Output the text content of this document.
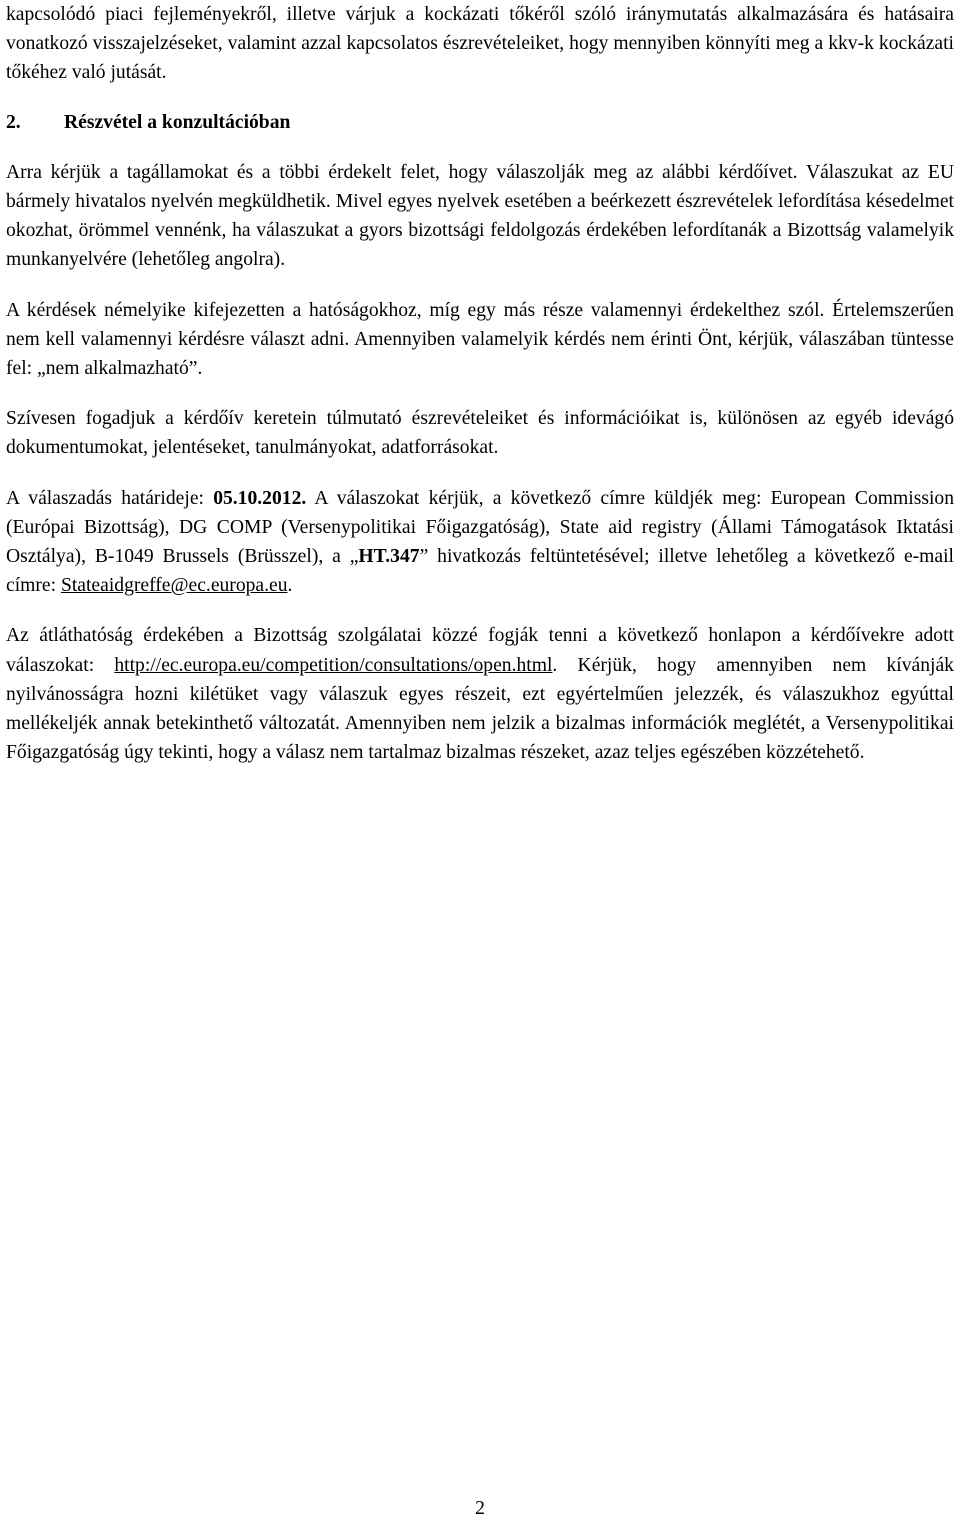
kapcsolódó piaci fejleményekről, illetve várjuk a kockázati tőkéről szóló iránymutatás alkalmazására és hatásaira vonatkozó visszajelzéseket, valamint azzal kapcsolatos észrevételeiket, hogy mennyiben könnyíti meg a kkv-k kockázati tőkéhez való jutását.

2.	Részvétel a konzultációban

Arra kérjük a tagállamokat és a többi érdekelt felet, hogy válaszolják meg az alábbi kérdőívet. Válaszukat az EU bármely hivatalos nyelvén megküldhetik. Mivel egyes nyelvek esetében a beérkezett észrevételek lefordítása késedelmet okozhat, örömmel vennénk, ha válaszukat a gyors bizottsági feldolgozás érdekében lefordítanák a Bizottság valamelyik munkanyelvére (lehetőleg angolra).

A kérdések némelyike kifejezetten a hatóságokhoz, míg egy más része valamennyi érdekelthez szól. Értelemszerűen nem kell valamennyi kérdésre választ adni. Amennyiben valamelyik kérdés nem érinti Önt, kérjük, válaszában tüntesse fel: „nem alkalmazható”.

Szívesen fogadjuk a kérdőív keretein túlmutató észrevételeiket és információikat is, különösen az egyéb idevágó dokumentumokat, jelentéseket, tanulmányokat, adatforrásokat.

A válaszadás határideje: 05.10.2012. A válaszokat kérjük, a következő címre küldjék meg: European Commission (Európai Bizottság), DG COMP (Versenypolitikai Főigazgatóság), State aid registry (Állami Támogatások Iktatási Osztálya), B-1049 Brussels (Brüsszel), a „HT.347” hivatkozás feltüntetésével; illetve lehetőleg a következő e-mail címre: Stateaidgreffe@ec.europa.eu.

Az átláthatóság érdekében a Bizottság szolgálatai közzé fogják tenni a következő honlapon a kérdőívekre adott válaszokat: http://ec.europa.eu/competition/consultations/open.html. Kérjük, hogy amennyiben nem kívánják nyilvánosságra hozni kilétüket vagy válaszuk egyes részeit, ezt egyértelműen jelezzék, és válaszukhoz egyúttal mellékeljék annak betekinthető változatát. Amennyiben nem jelzik a bizalmas információk meglétét, a Versenypolitikai Főigazgatóság úgy tekinti, hogy a válasz nem tartalmaz bizalmas részeket, azaz teljes egészében közzétehető.

2
